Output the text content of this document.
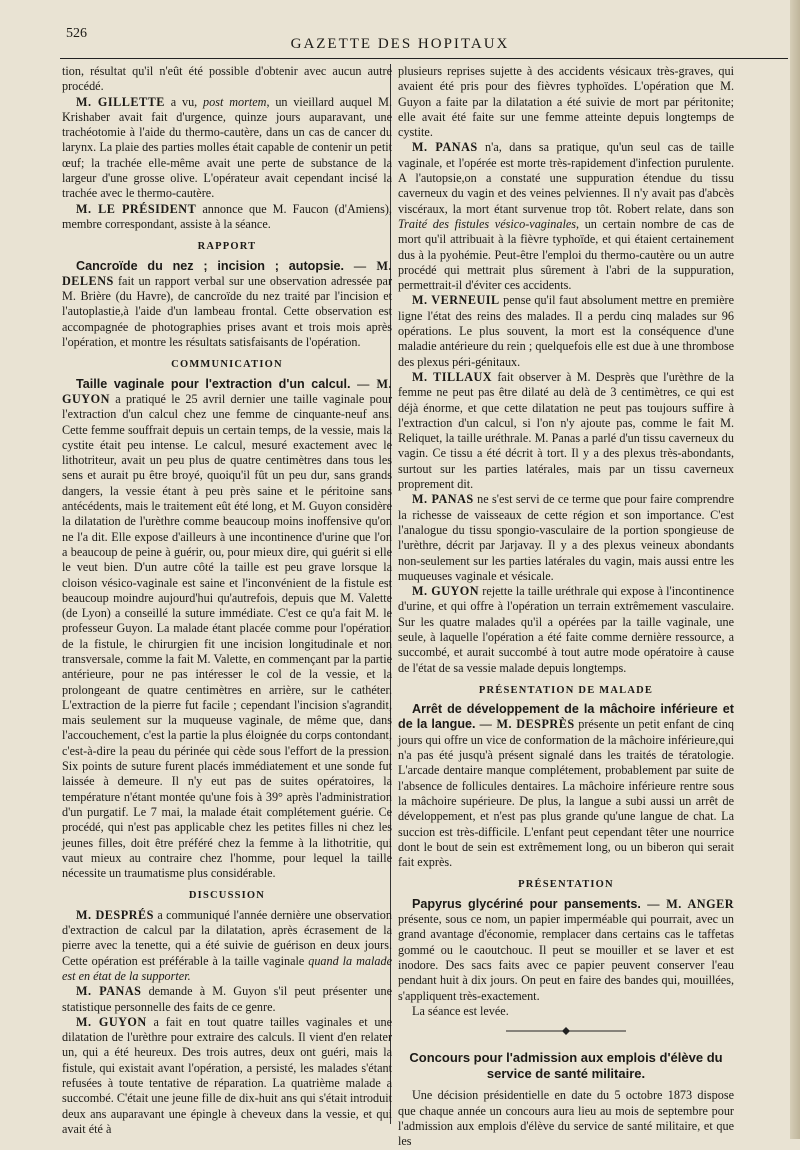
526
GAZETTE DES HOPITAUX

tion, résultat qu'il n'eût été possible d'obtenir avec aucun autre procédé.

M. GILLETTE a vu, post mortem, un vieillard auquel M. Krishaber avait fait d'urgence, quinze jours auparavant, une trachéotomie à l'aide du thermo-cautère, dans un cas de cancer du larynx. La plaie des parties molles était capable de contenir un petit œuf; la trachée elle-même avait une perte de substance de la largeur d'une grosse olive. L'opérateur avait cependant incisé la trachée avec le thermo-cautère.

M. LE PRÉSIDENT annonce que M. Faucon (d'Amiens), membre correspondant, assiste à la séance.

RAPPORT

Cancroïde du nez ; incision ; autopsie. — M. DELENS fait un rapport verbal sur une observation adressée par M. Brière (du Havre), de cancroïde du nez traité par l'incision et l'autoplastie,à l'aide d'un lambeau frontal. Cette observation est accompagnée de photographies prises avant et trois mois après l'opération, et montre les résultats satisfaisants de l'opération.

COMMUNICATION

Taille vaginale pour l'extraction d'un calcul. — M. GUYON a pratiqué le 25 avril dernier une taille vaginale pour l'extraction d'un calcul chez une femme de cinquante-neuf ans. Cette femme souffrait depuis un certain temps, de la vessie, mais la cystite était peu intense. Le calcul, mesuré exactement avec le lithotriteur, avait un peu plus de quatre centimètres dans tous les sens et aurait pu être broyé, quoiqu'il fût un peu dur, sans grands dangers, la vessie étant à peu près saine et le péritoine sans antécédents, mais le traitement eût été long, et M. Guyon considère la dilatation de l'urèthre comme beaucoup moins inoffensive qu'on ne l'a dit. Elle expose d'ailleurs à une incontinence d'urine que l'on a beaucoup de peine à guérir, ou, pour mieux dire, qui guérit si elle le veut bien. D'un autre côté la taille est peu grave lorsque la cloison vésico-vaginale est saine et l'inconvénient de la fistule est beaucoup moindre aujourd'hui qu'autrefois, depuis que M. Valette (de Lyon) a conseillé la suture immédiate. C'est ce qu'a fait M. le professeur Guyon. La malade étant placée comme pour l'opération de la fistule, le chirurgien fit une incision longitudinale et non transversale, comme la fait M. Valette, en commençant par la partie antérieure, pour ne pas intéresser le col de la vessie, et la prolongeant de quatre centimètres en arrière, sur le cathéter. L'extraction de la pierre fut facile ; cependant l'incision s'agrandit, mais seulement sur la muqueuse vaginale, de même que, dans l'accouchement, c'est la partie la plus éloignée du corps contondant, c'est-à-dire la peau du périnée qui cède sous l'effort de la pression. Six points de suture furent placés immédiatement et une sonde fut laissée à demeure. Il n'y eut pas de suites opératoires, la température n'étant montée qu'une fois à 39° après l'administration d'un purgatif. Le 7 mai, la malade était complétement guérie. Ce procédé, qui n'est pas applicable chez les petites filles ni chez les jeunes filles, doit être préféré chez la femme à la lithotritie, qui vaut mieux au contraire chez l'homme, pour lequel la taille nécessite un traumatisme plus considérable.

DISCUSSION

M. DESPRÉS a communiqué l'année dernière une observation d'extraction de calcul par la dilatation, après écrasement de la pierre avec la tenette, qui a été suivie de guérison en deux jours. Cette opération est préférable à la taille vaginale quand la malade est en état de la supporter.

M. PANAS demande à M. Guyon s'il peut présenter une statistique personnelle des faits de ce genre.

M. GUYON a fait en tout quatre tailles vaginales et une dilatation de l'urèthre pour extraire des calculs. Il vient d'en relater un, qui a été heureux. Des trois autres, deux ont guéri, mais la fistule, qui existait avant l'opération, a persisté, les malades s'étant refusées à toute tentative de réparation. La quatrième malade a succombé. C'était une jeune fille de dix-huit ans qui s'était introduit deux ans auparavant une épingle à cheveux dans la vessie, et qui avait été à

plusieurs reprises sujette à des accidents vésicaux très-graves, qui avaient été pris pour des fièvres typhoïdes. L'opération que M. Guyon a faite par la dilatation a été suivie de mort par péritonite; elle avait été faite sur une femme atteinte depuis longtemps de cystite.

M. PANAS n'a, dans sa pratique, qu'un seul cas de taille vaginale, et l'opérée est morte très-rapidement d'infection purulente. A l'autopsie,on a constaté une suppuration étendue du tissu caverneux du vagin et des veines pelviennes. Il n'y avait pas d'abcès viscéraux, la mort étant survenue trop tôt. Robert relate, dans son Traité des fistules vésico-vaginales, un certain nombre de cas de mort qu'il attribuait à la fièvre typhoïde, et qui étaient certainement dus à la pyohémie. Peut-être l'emploi du thermo-cautère ou un autre procédé qui mettrait plus sûrement à l'abri de la suppuration, permettrait-il d'éviter ces accidents.

M. VERNEUIL pense qu'il faut absolument mettre en première ligne l'état des reins des malades. Il a perdu cinq malades sur 96 opérations. Le plus souvent, la mort est la conséquence d'une maladie antérieure du rein ; quelquefois elle est due à une thrombose des plexus péri-génitaux.

M. TILLAUX fait observer à M. Desprès que l'urèthre de la femme ne peut pas être dilaté au delà de 3 centimètres, ce qui est déjà énorme, et que cette dilatation ne peut pas toujours suffire à l'extraction d'un calcul, si l'on n'y ajoute pas, comme le fait M. Reliquet, la taille uréthrale. M. Panas a parlé d'un tissu caverneux du vagin. Ce tissu a été décrit à tort. Il y a des plexus très-abondants, surtout sur les parties latérales, mais par un tissu caverneux proprement dit.

M. PANAS ne s'est servi de ce terme que pour faire comprendre la richesse de vaisseaux de cette région et son importance. C'est l'analogue du tissu spongio-vasculaire de la portion spongieuse de l'urèthre, décrit par Jarjavay. Il y a des plexus veineux abondants non-seulement sur les parties latérales du vagin, mais aussi entre les muqueuses vaginale et vésicale.

M. GUYON rejette la taille uréthrale qui expose à l'incontinence d'urine, et qui offre à l'opération un terrain extrêmement vasculaire. Sur les quatre malades qu'il a opérées par la taille vaginale, une seule, à laquelle l'opération a été faite comme dernière ressource, a succombé, et aurait succombé à tout autre mode opératoire à cause de l'état de sa vessie malade depuis longtemps.

PRÉSENTATION DE MALADE

Arrêt de développement de la mâchoire inférieure et de la langue. — M. DESPRÈS présente un petit enfant de cinq jours qui offre un vice de conformation de la mâchoire inférieure,qui n'a pas été jusqu'à présent signalé dans les traités de tératologie. L'arcade dentaire manque complétement, probablement par suite de l'absence de follicules dentaires. La mâchoire inférieure rentre sous la mâchoire supérieure. De plus, la langue a subi aussi un arrêt de développement, et n'est pas plus grande qu'une langue de chat. La succion est très-difficile. L'enfant peut cependant têter une nourrice dont le bout de sein est extrêmement long, ou un biberon qui serait fait exprès.

PRÉSENTATION

Papyrus glycériné pour pansements. — M. ANGER présente, sous ce nom, un papier imperméable qui pourrait, avec un grand avantage d'économie, remplacer dans certains cas le taffetas gommé ou le caoutchouc. Il peut se mouiller et se laver et est inodore. Des sacs faits avec ce papier peuvent conserver l'eau pendant huit à dix jours. On peut en faire des bandes qui, mouillées, s'appliquent très-exactement.

La séance est levée.

Concours pour l'admission aux emplois d'élève du service de santé militaire.

Une décision présidentielle en date du 5 octobre 1873 dispose que chaque année un concours aura lieu au mois de septembre pour l'admission aux emplois d'élève du service de santé militaire, et que les
